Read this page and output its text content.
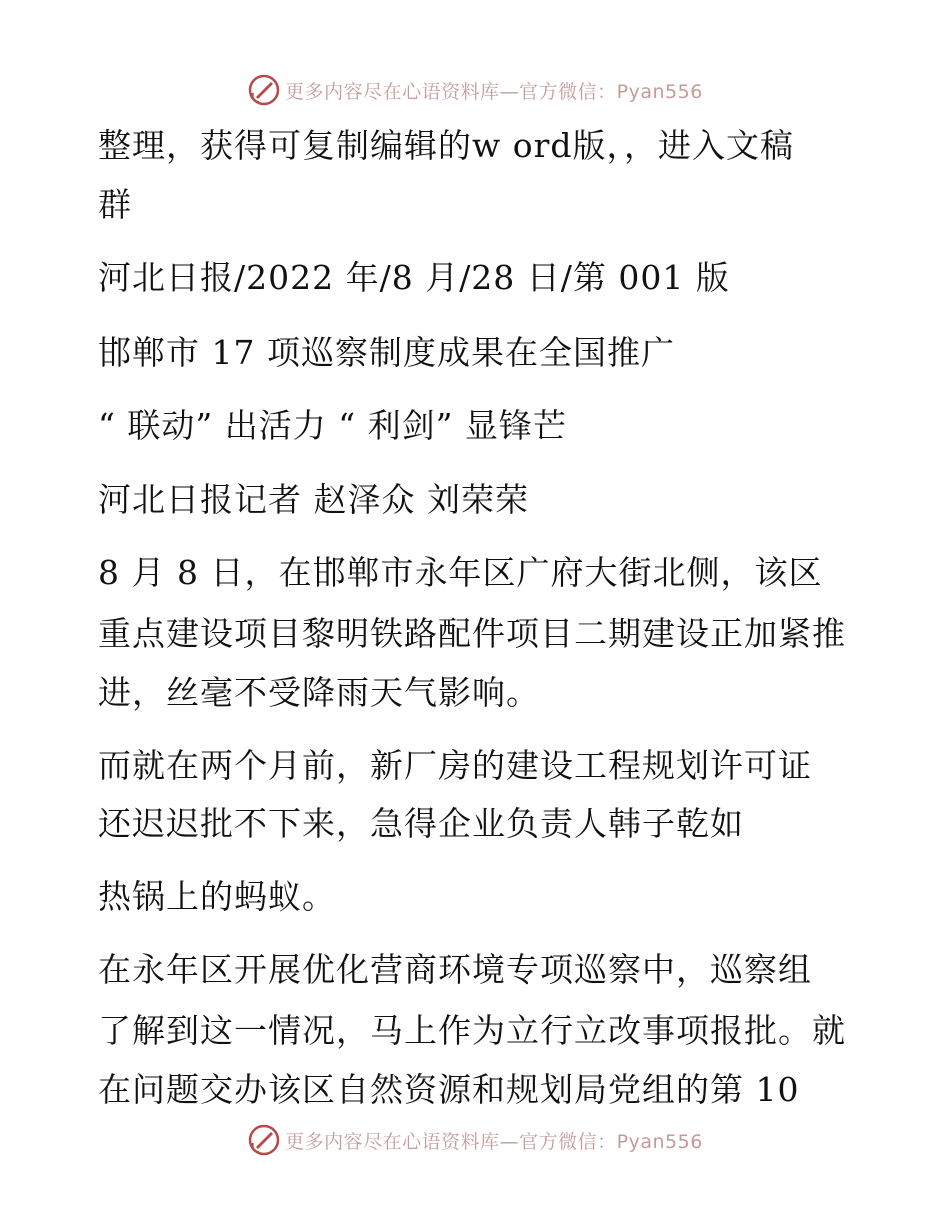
更多内容尽在心语资料库—官方微信：Pyan556
整理，获得可复制编辑的w ord版，，进入文稿
群
河北日报/2022 年/8 月/28 日/第 001 版
邯郸市 17 项巡察制度成果在全国推广
“ 联动” 出活力 “ 利剑” 显锋芒
河北日报记者 赵泽众 刘荣荣
8 月 8 日，在邯郸市永年区广府大街北侧，该区
重点建设项目黎明铁路配件项目二期建设正加紧推
进，丝毫不受降雨天气影响。
而就在两个月前，新厂房的建设工程规划许可证
还迟迟批不下来，急得企业负责人韩子乾如
热锅上的蚂蚁。
在永年区开展优化营商环境专项巡察中，巡察组
了解到这一情况，马上作为立行立改事项报批。就
在问题交办该区自然资源和规划局党组的第 10
更多内容尽在心语资料库—官方微信：Pyan556
